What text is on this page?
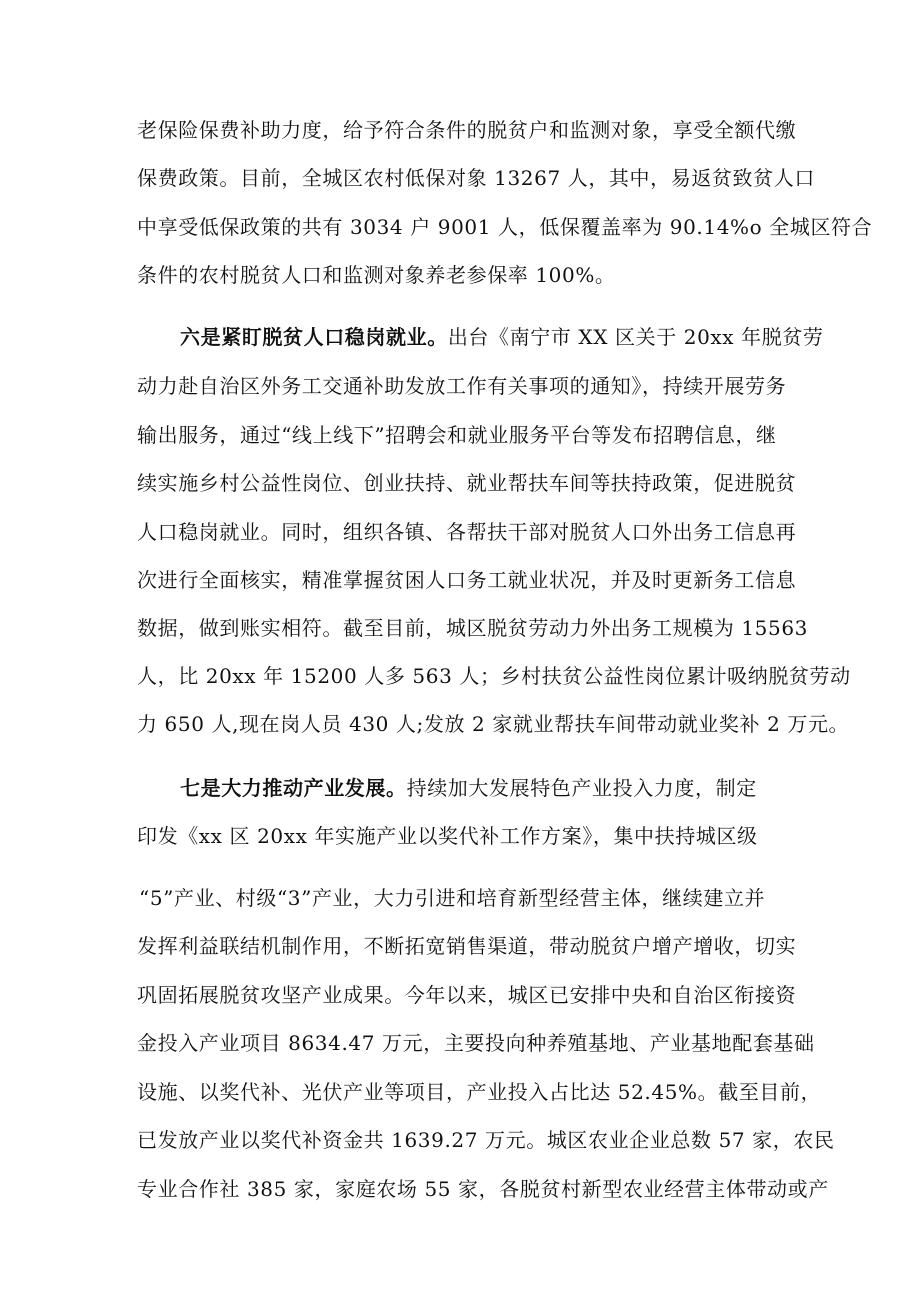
老保险保费补助力度，给予符合条件的脱贫户和监测对象，享受全额代缴
保费政策。目前，全城区农村低保对象 13267 人，其中，易返贫致贫人口
中享受低保政策的共有 3034 户 9001 人，低保覆盖率为 90.14%o 全城区符合
条件的农村脱贫人口和监测对象养老参保率 100%。
六是紧盯脱贫人口稳岗就业。出台《南宁市 XX 区关于 20xx 年脱贫劳
动力赴自治区外务工交通补助发放工作有关事项的通知》，持续开展劳务
输出服务，通过“线上线下”招聘会和就业服务平台等发布招聘信息，继
续实施乡村公益性岗位、创业扶持、就业帮扶车间等扶持政策，促进脱贫
人口稳岗就业。同时，组织各镇、各帮扶干部对脱贫人口外出务工信息再
次进行全面核实，精准掌握贫困人口务工就业状况，并及时更新务工信息
数据，做到账实相符。截至目前，城区脱贫劳动力外出务工规模为 15563
人，比 20xx 年 15200 人多 563 人；乡村扶贫公益性岗位累计吸纳脱贫劳动
力 650 人,现在岗人员 430 人;发放 2 家就业帮扶车间带动就业奖补 2 万元。
七是大力推动产业发展。持续加大发展特色产业投入力度，制定
印发《xx 区 20xx 年实施产业以奖代补工作方案》，集中扶持城区级
“5”产业、村级“3”产业，大力引进和培育新型经营主体，继续建立并
发挥利益联结机制作用，不断拓宽销售渠道，带动脱贫户增产增收，切实
巩固拓展脱贫攻坚产业成果。今年以来，城区已安排中央和自治区衔接资
金投入产业项目 8634.47 万元，主要投向种养殖基地、产业基地配套基础
设施、以奖代补、光伏产业等项目，产业投入占比达 52.45%。截至目前，
已发放产业以奖代补资金共 1639.27 万元。城区农业企业总数 57 家，农民
专业合作社 385 家，家庭农场 55 家，各脱贫村新型农业经营主体带动或产
